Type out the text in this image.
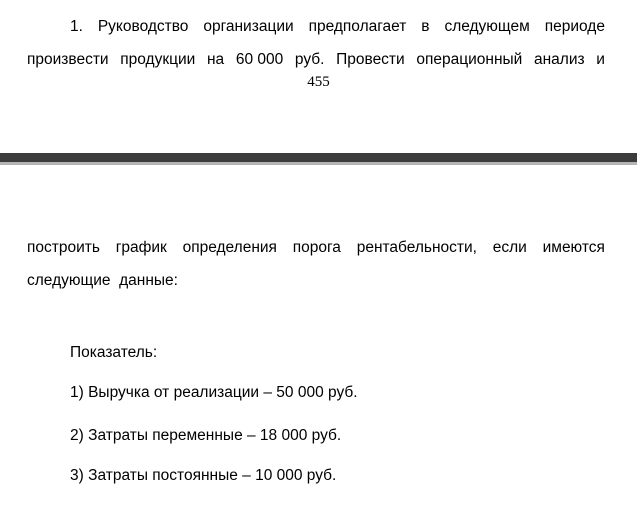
1. Руководство организации предполагает в следующем периоде
произвести продукции на 60 000 руб. Провести операционный анализ и
455
построить график определения порога рентабельности, если имеются
следующие  данные:
Показатель:
1) Выручка от реализации – 50 000 руб.
2) Затраты переменные – 18 000 руб.
3) Затраты постоянные – 10 000 руб.
